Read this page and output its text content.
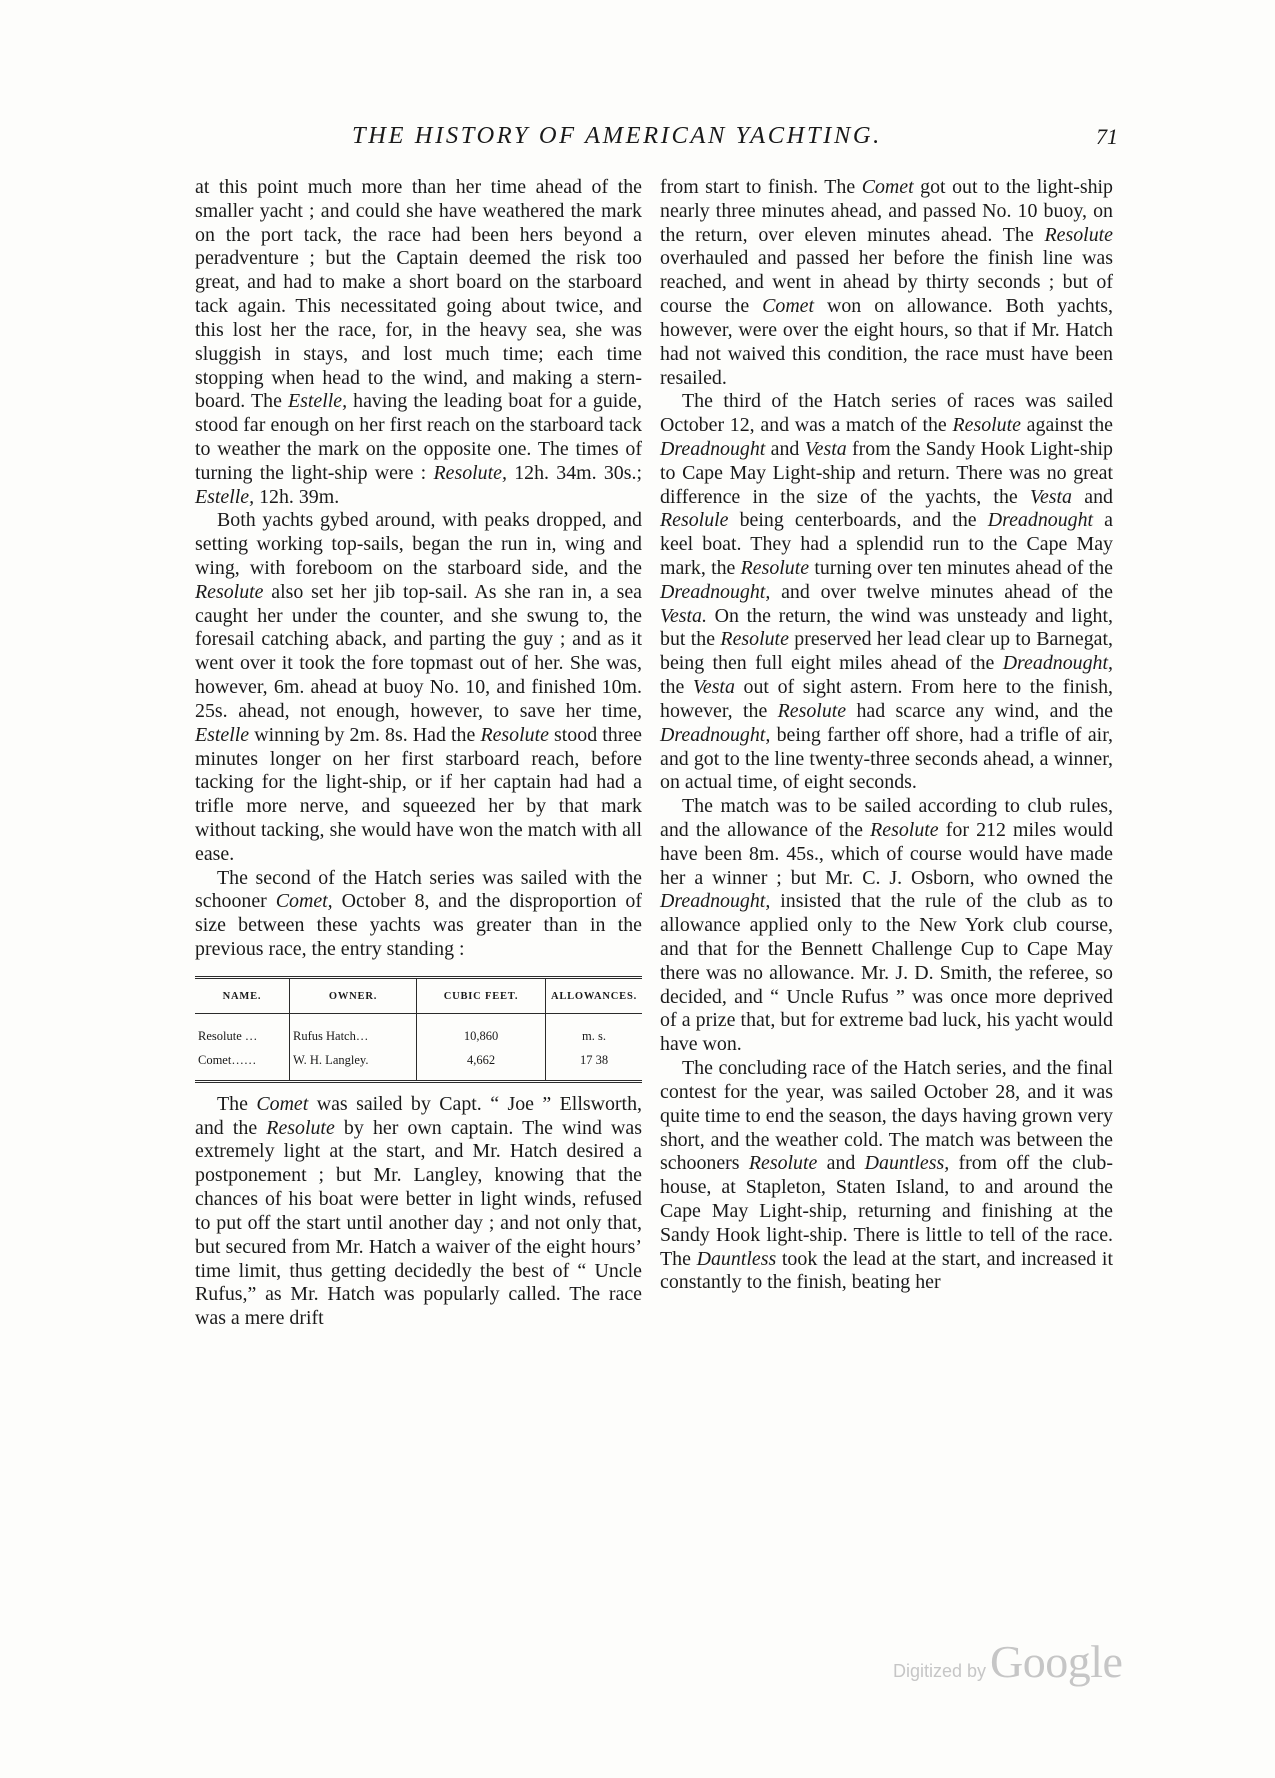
THE HISTORY OF AMERICAN YACHTING.	71

at this point much more than her time ahead of the smaller yacht ; and could she have weathered the mark on the port tack, the race had been hers beyond a peradventure ; but the Captain deemed the risk too great, and had to make a short board on the starboard tack again. This necessitated going about twice, and this lost her the race, for, in the heavy sea, she was sluggish in stays, and lost much time; each time stopping when head to the wind, and making a stern-board. The Estelle, having the leading boat for a guide, stood far enough on her first reach on the starboard tack to weather the mark on the opposite one. The times of turning the light-ship were : Resolute, 12h. 34m. 30s.; Estelle, 12h. 39m.

Both yachts gybed around, with peaks dropped, and setting working top-sails, began the run in, wing and wing, with foreboom on the starboard side, and the Resolute also set her jib top-sail. As she ran in, a sea caught her under the counter, and she swung to, the foresail catching aback, and parting the guy ; and as it went over it took the fore topmast out of her. She was, however, 6m. ahead at buoy No. 10, and finished 10m. 25s. ahead, not enough, however, to save her time, Estelle winning by 2m. 8s. Had the Resolute stood three minutes longer on her first starboard reach, before tacking for the light-ship, or if her captain had had a trifle more nerve, and squeezed her by that mark without tacking, she would have won the match with all ease.

The second of the Hatch series was sailed with the schooner Comet, October 8, and the disproportion of size between these yachts was greater than in the previous race, the entry standing :

NAME.	OWNER.	CUBIC FEET.	ALLOWANCES.
Resolute …	Rufus Hatch…	10,860	m. s.
Comet……	W. H. Langley.	4,662	17 38

The Comet was sailed by Capt. “ Joe ” Ellsworth, and the Resolute by her own captain. The wind was extremely light at the start, and Mr. Hatch desired a postponement ; but Mr. Langley, knowing that the chances of his boat were better in light winds, refused to put off the start until another day ; and not only that, but secured from Mr. Hatch a waiver of the eight hours’ time limit, thus getting decidedly the best of “ Uncle Rufus,” as Mr. Hatch was popularly called. The race was a mere drift

from start to finish. The Comet got out to the light-ship nearly three minutes ahead, and passed No. 10 buoy, on the return, over eleven minutes ahead. The Resolute overhauled and passed her before the finish line was reached, and went in ahead by thirty seconds ; but of course the Comet won on allowance. Both yachts, however, were over the eight hours, so that if Mr. Hatch had not waived this condition, the race must have been resailed.

The third of the Hatch series of races was sailed October 12, and was a match of the Resolute against the Dreadnought and Vesta from the Sandy Hook Light-ship to Cape May Light-ship and return. There was no great difference in the size of the yachts, the Vesta and Resolule being centerboards, and the Dreadnought a keel boat. They had a splendid run to the Cape May mark, the Resolute turning over ten minutes ahead of the Dreadnought, and over twelve minutes ahead of the Vesta. On the return, the wind was unsteady and light, but the Resolute preserved her lead clear up to Barnegat, being then full eight miles ahead of the Dreadnought, the Vesta out of sight astern. From here to the finish, however, the Resolute had scarce any wind, and the Dreadnought, being farther off shore, had a trifle of air, and got to the line twenty-three seconds ahead, a winner, on actual time, of eight seconds.

The match was to be sailed according to club rules, and the allowance of the Resolute for 212 miles would have been 8m. 45s., which of course would have made her a winner ; but Mr. C. J. Osborn, who owned the Dreadnought, insisted that the rule of the club as to allowance applied only to the New York club course, and that for the Bennett Challenge Cup to Cape May there was no allowance. Mr. J. D. Smith, the referee, so decided, and “ Uncle Rufus ” was once more deprived of a prize that, but for extreme bad luck, his yacht would have won.

The concluding race of the Hatch series, and the final contest for the year, was sailed October 28, and it was quite time to end the season, the days having grown very short, and the weather cold. The match was between the schooners Resolute and Dauntless, from off the club-house, at Stapleton, Staten Island, to and around the Cape May Light-ship, returning and finishing at the Sandy Hook light-ship. There is little to tell of the race. The Dauntless took the lead at the start, and increased it constantly to the finish, beating her

Digitized by Google
